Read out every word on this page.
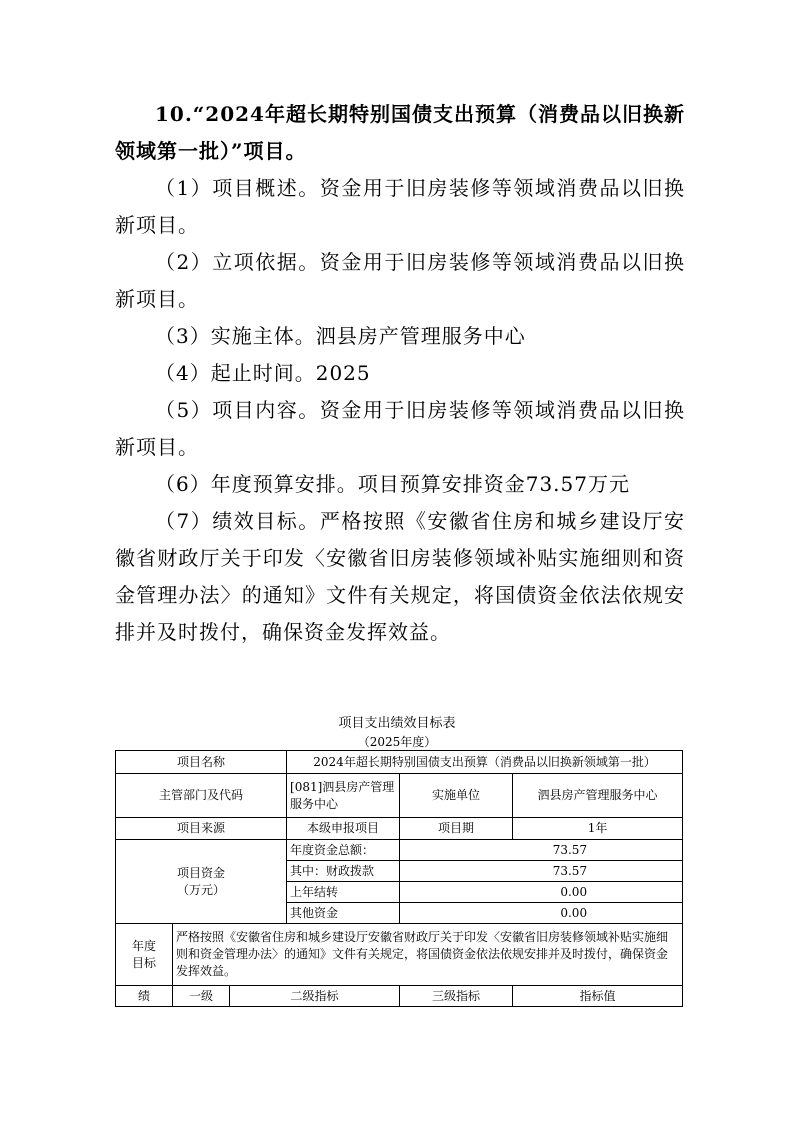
10.“2024年超长期特别国债支出预算（消费品以旧换新领域第一批）”项目。

（1）项目概述。资金用于旧房装修等领域消费品以旧换新项目。

（2）立项依据。资金用于旧房装修等领域消费品以旧换新项目。

（3）实施主体。泗县房产管理服务中心

（4）起止时间。2025

（5）项目内容。资金用于旧房装修等领域消费品以旧换新项目。

（6）年度预算安排。项目预算安排资金73.57万元

（7）绩效目标。严格按照《安徽省住房和城乡建设厅安徽省财政厅关于印发〈安徽省旧房装修领域补贴实施细则和资金管理办法〉的通知》文件有关规定，将国债资金依法依规安排并及时拨付，确保资金发挥效益。

项目支出绩效目标表
（2025年度）
项目名称			2024年超长期特别国债支出预算（消费品以旧换新领域第一批）		
主管部门及代码			[081]泗县房产管理服务中心	实施单位	泗县房产管理服务中心
项目来源			本级申报项目	项目期	1年

项目资金
（万元）			年度资金总额：	73.57	
			其中：财政拨款	73.57	
			上年结转	0.00	
			其他资金	0.00	

年度
目标	严格按照《安徽省住房和城乡建设厅安徽省财政厅关于印发〈安徽省旧房装修领域补贴实施细则和资金管理办法〉的通知》文件有关规定，将国债资金依法依规安排并及时拨付，确保资金发挥效益。				
绩	一级	二级指标		三级指标	指标值
